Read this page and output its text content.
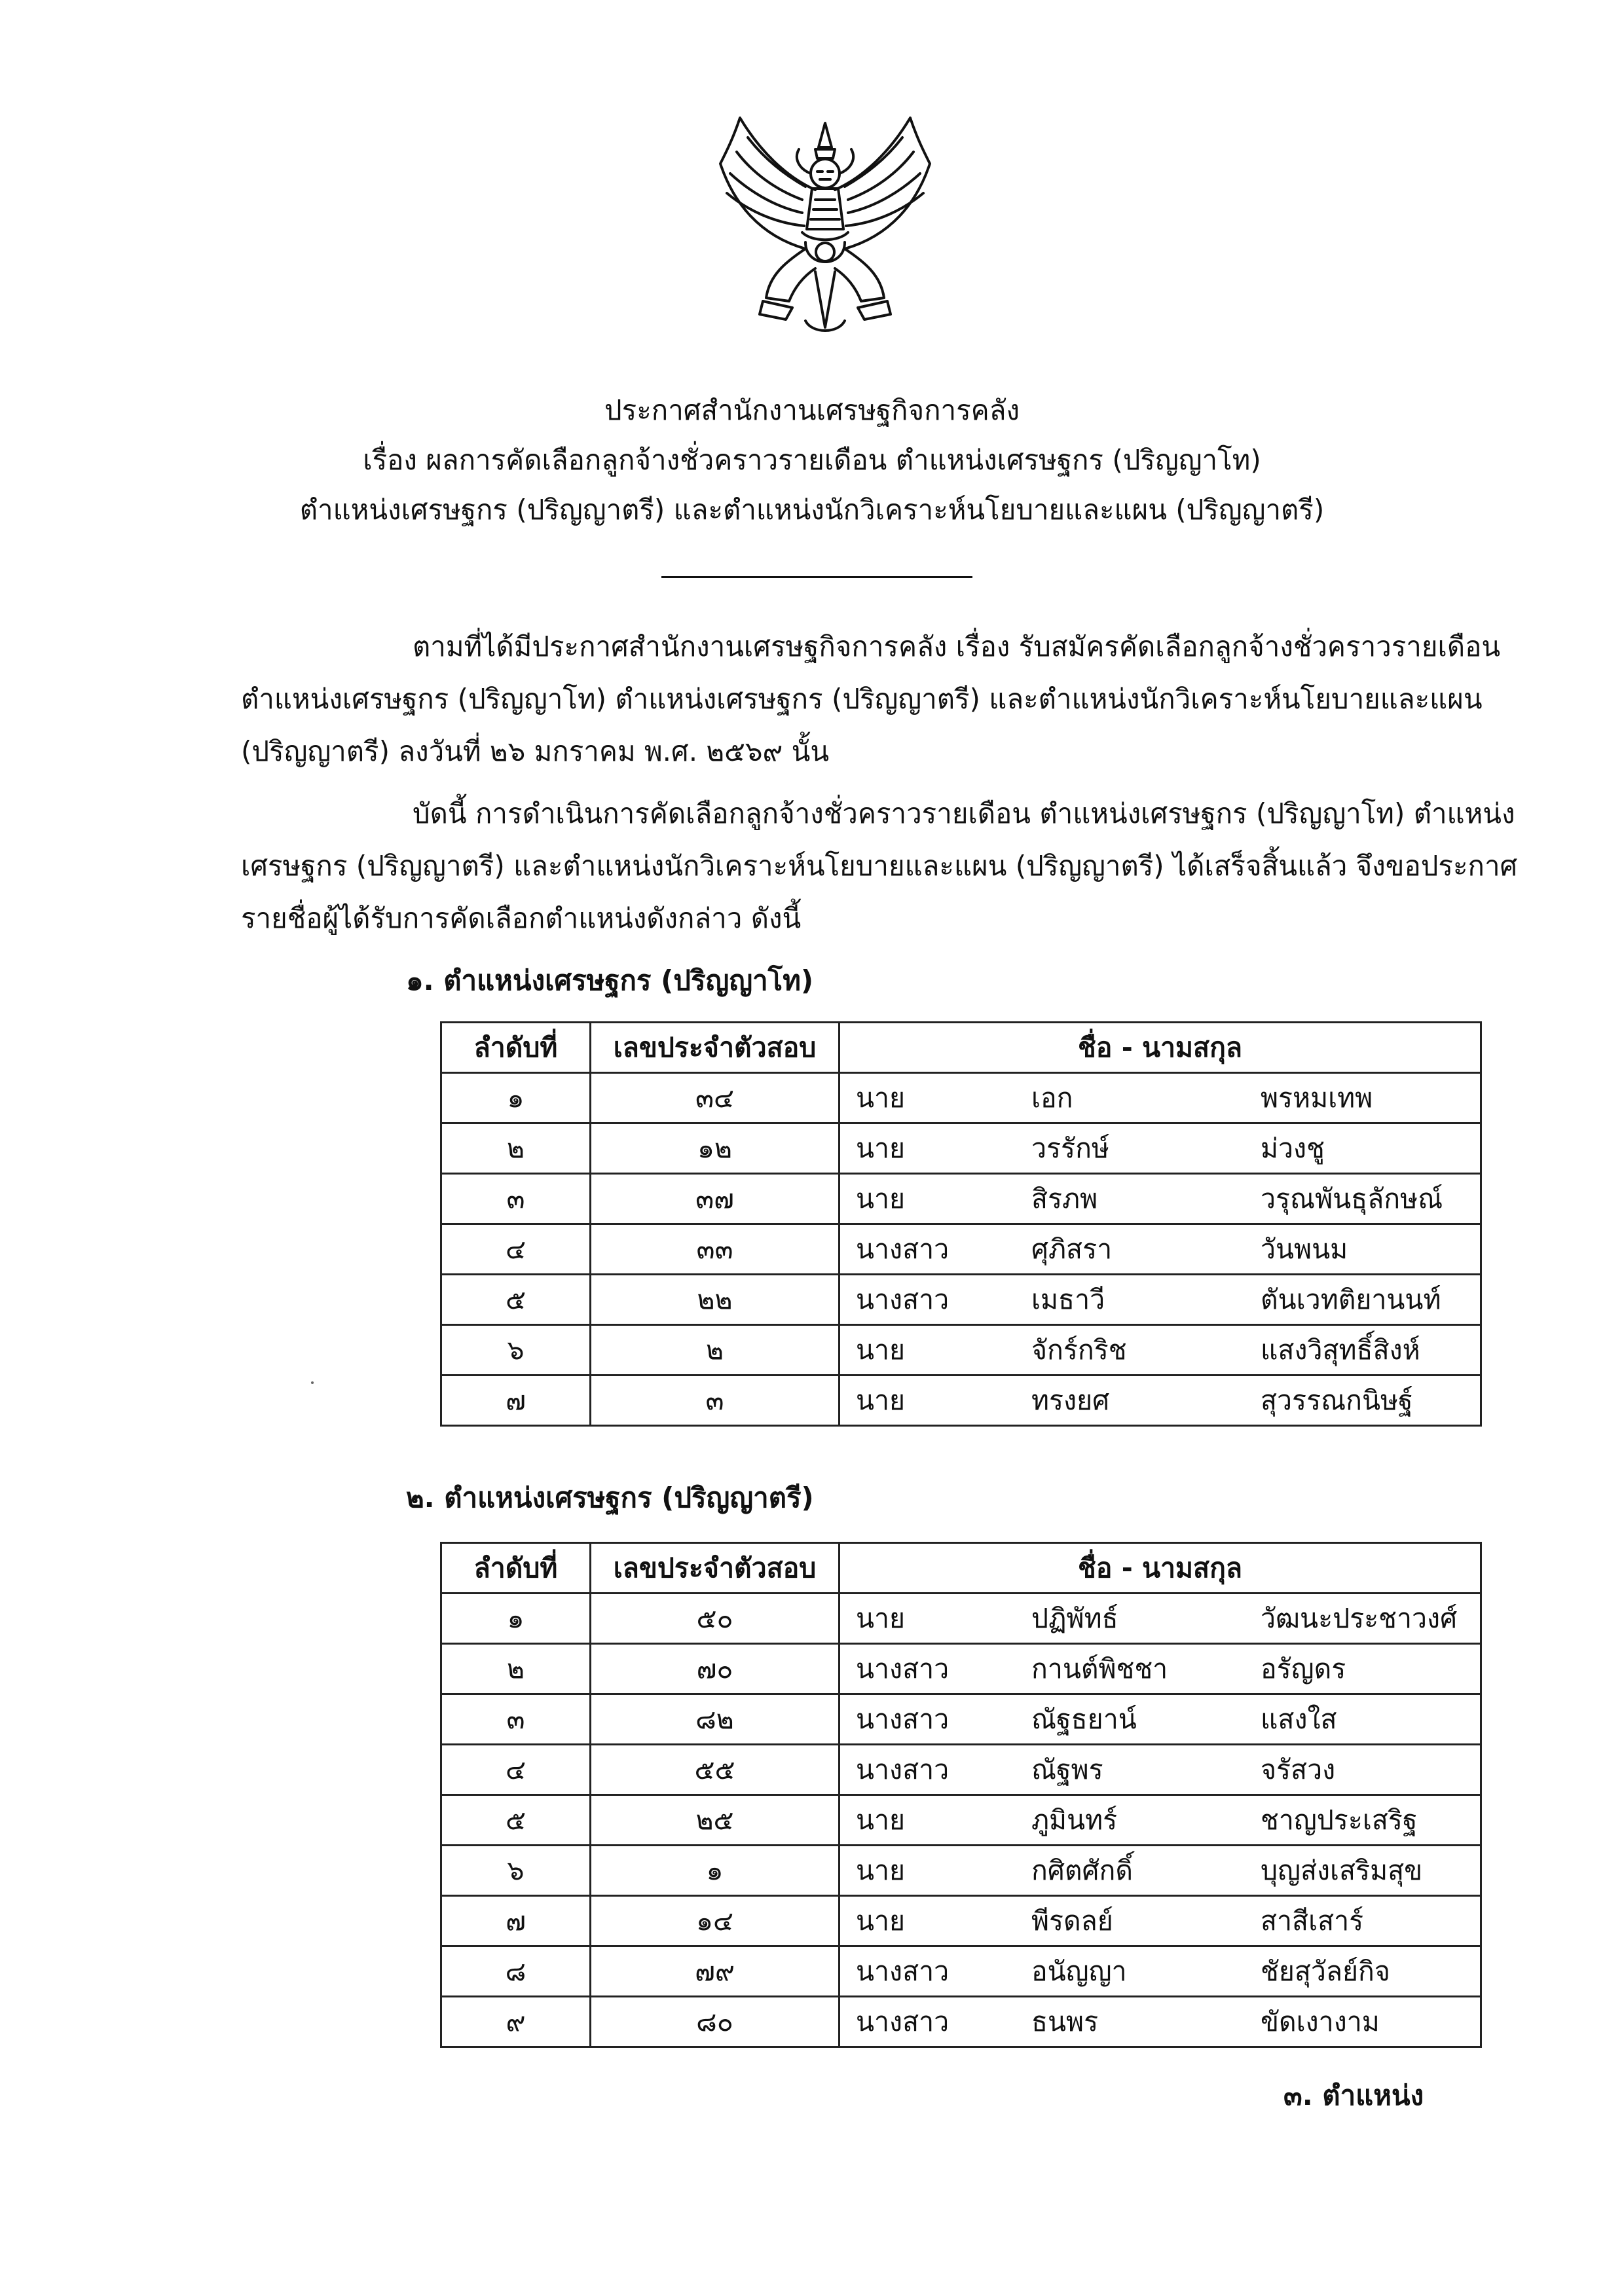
ประกาศสำนักงานเศรษฐกิจการคลัง
เรื่อง ผลการคัดเลือกลูกจ้างชั่วคราวรายเดือน ตำแหน่งเศรษฐกร (ปริญญาโท)
ตำแหน่งเศรษฐกร (ปริญญาตรี) และตำแหน่งนักวิเคราะห์นโยบายและแผน (ปริญญาตรี)
ตามที่ได้มีประกาศสำนักงานเศรษฐกิจการคลัง เรื่อง รับสมัครคัดเลือกลูกจ้างชั่วคราวรายเดือน
ตำแหน่งเศรษฐกร (ปริญญาโท) ตำแหน่งเศรษฐกร (ปริญญาตรี) และตำแหน่งนักวิเคราะห์นโยบายและแผน
(ปริญญาตรี) ลงวันที่ ๒๖ มกราคม พ.ศ. ๒๕๖๙ นั้น
บัดนี้ การดำเนินการคัดเลือกลูกจ้างชั่วคราวรายเดือน ตำแหน่งเศรษฐกร (ปริญญาโท) ตำแหน่ง
เศรษฐกร (ปริญญาตรี) และตำแหน่งนักวิเคราะห์นโยบายและแผน (ปริญญาตรี) ได้เสร็จสิ้นแล้ว จึงขอประกาศ
รายชื่อผู้ได้รับการคัดเลือกตำแหน่งดังกล่าว ดังนี้
๑. ตำแหน่งเศรษฐกร (ปริญญาโท)
ลำดับที่	เลขประจำตัวสอบ	ชื่อ - นามสกุล		
๑	๓๔	นาย	เอก	พรหมเทพ
๒	๑๒	นาย	วรรักษ์	ม่วงชู
๓	๓๗	นาย	สิรภพ	วรุณพันธุลักษณ์
๔	๓๓	นางสาว	ศุภิสรา	วันพนม
๕	๒๒	นางสาว	เมธาวี	ตันเวทติยานนท์
๖	๒	นาย	จักร์กริช	แสงวิสุทธิ์สิงห์
๗	๓	นาย	ทรงยศ	สุวรรณกนิษฐ์
๒. ตำแหน่งเศรษฐกร (ปริญญาตรี)
ลำดับที่	เลขประจำตัวสอบ	ชื่อ - นามสกุล		
๑	๕๐	นาย	ปฏิพัทธ์	วัฒนะประชาวงศ์
๒	๗๐	นางสาว	กานต์พิชชา	อรัญดร
๓	๘๒	นางสาว	ณัฐธยาน์	แสงใส
๔	๕๕	นางสาว	ณัฐพร	จรัสวง
๕	๒๕	นาย	ภูมินทร์	ชาญประเสริฐ
๖	๑	นาย	กศิตศักดิ์	บุญส่งเสริมสุข
๗	๑๔	นาย	พีรดลย์	สาสีเสาร์
๘	๗๙	นางสาว	อนัญญา	ชัยสุวัลย์กิจ
๙	๘๐	นางสาว	ธนพร	ขัดเงางาม
๓. ตำแหน่ง
